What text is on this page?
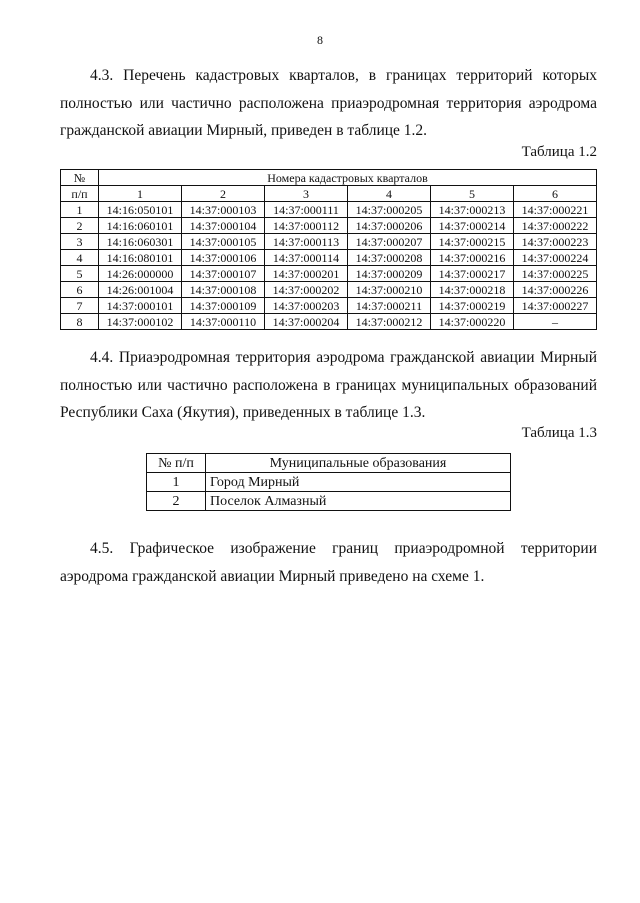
8

4.3. Перечень кадастровых кварталов, в границах территорий которых полностью или частично расположена приаэродромная территория аэродрома гражданской авиации Мирный, приведен в таблице 1.2.

Таблица 1.2
№	Номера кадастровых кварталов					
п/п	1	2	3	4	5	6
1	14:16:050101	14:37:000103	14:37:000111	14:37:000205	14:37:000213	14:37:000221
2	14:16:060101	14:37:000104	14:37:000112	14:37:000206	14:37:000214	14:37:000222
3	14:16:060301	14:37:000105	14:37:000113	14:37:000207	14:37:000215	14:37:000223
4	14:16:080101	14:37:000106	14:37:000114	14:37:000208	14:37:000216	14:37:000224
5	14:26:000000	14:37:000107	14:37:000201	14:37:000209	14:37:000217	14:37:000225
6	14:26:001004	14:37:000108	14:37:000202	14:37:000210	14:37:000218	14:37:000226
7	14:37:000101	14:37:000109	14:37:000203	14:37:000211	14:37:000219	14:37:000227
8	14:37:000102	14:37:000110	14:37:000204	14:37:000212	14:37:000220	–

4.4. Приаэродромная территория аэродрома гражданской авиации Мирный полностью или частично расположена в границах муниципальных образований Республики Саха (Якутия), приведенных в таблице 1.3.

Таблица 1.3
№ п/п	Муниципальные образования
1	Город Мирный
2	Поселок Алмазный

4.5. Графическое изображение границ приаэродромной территории аэродрома гражданской авиации Мирный приведено на схеме 1.
